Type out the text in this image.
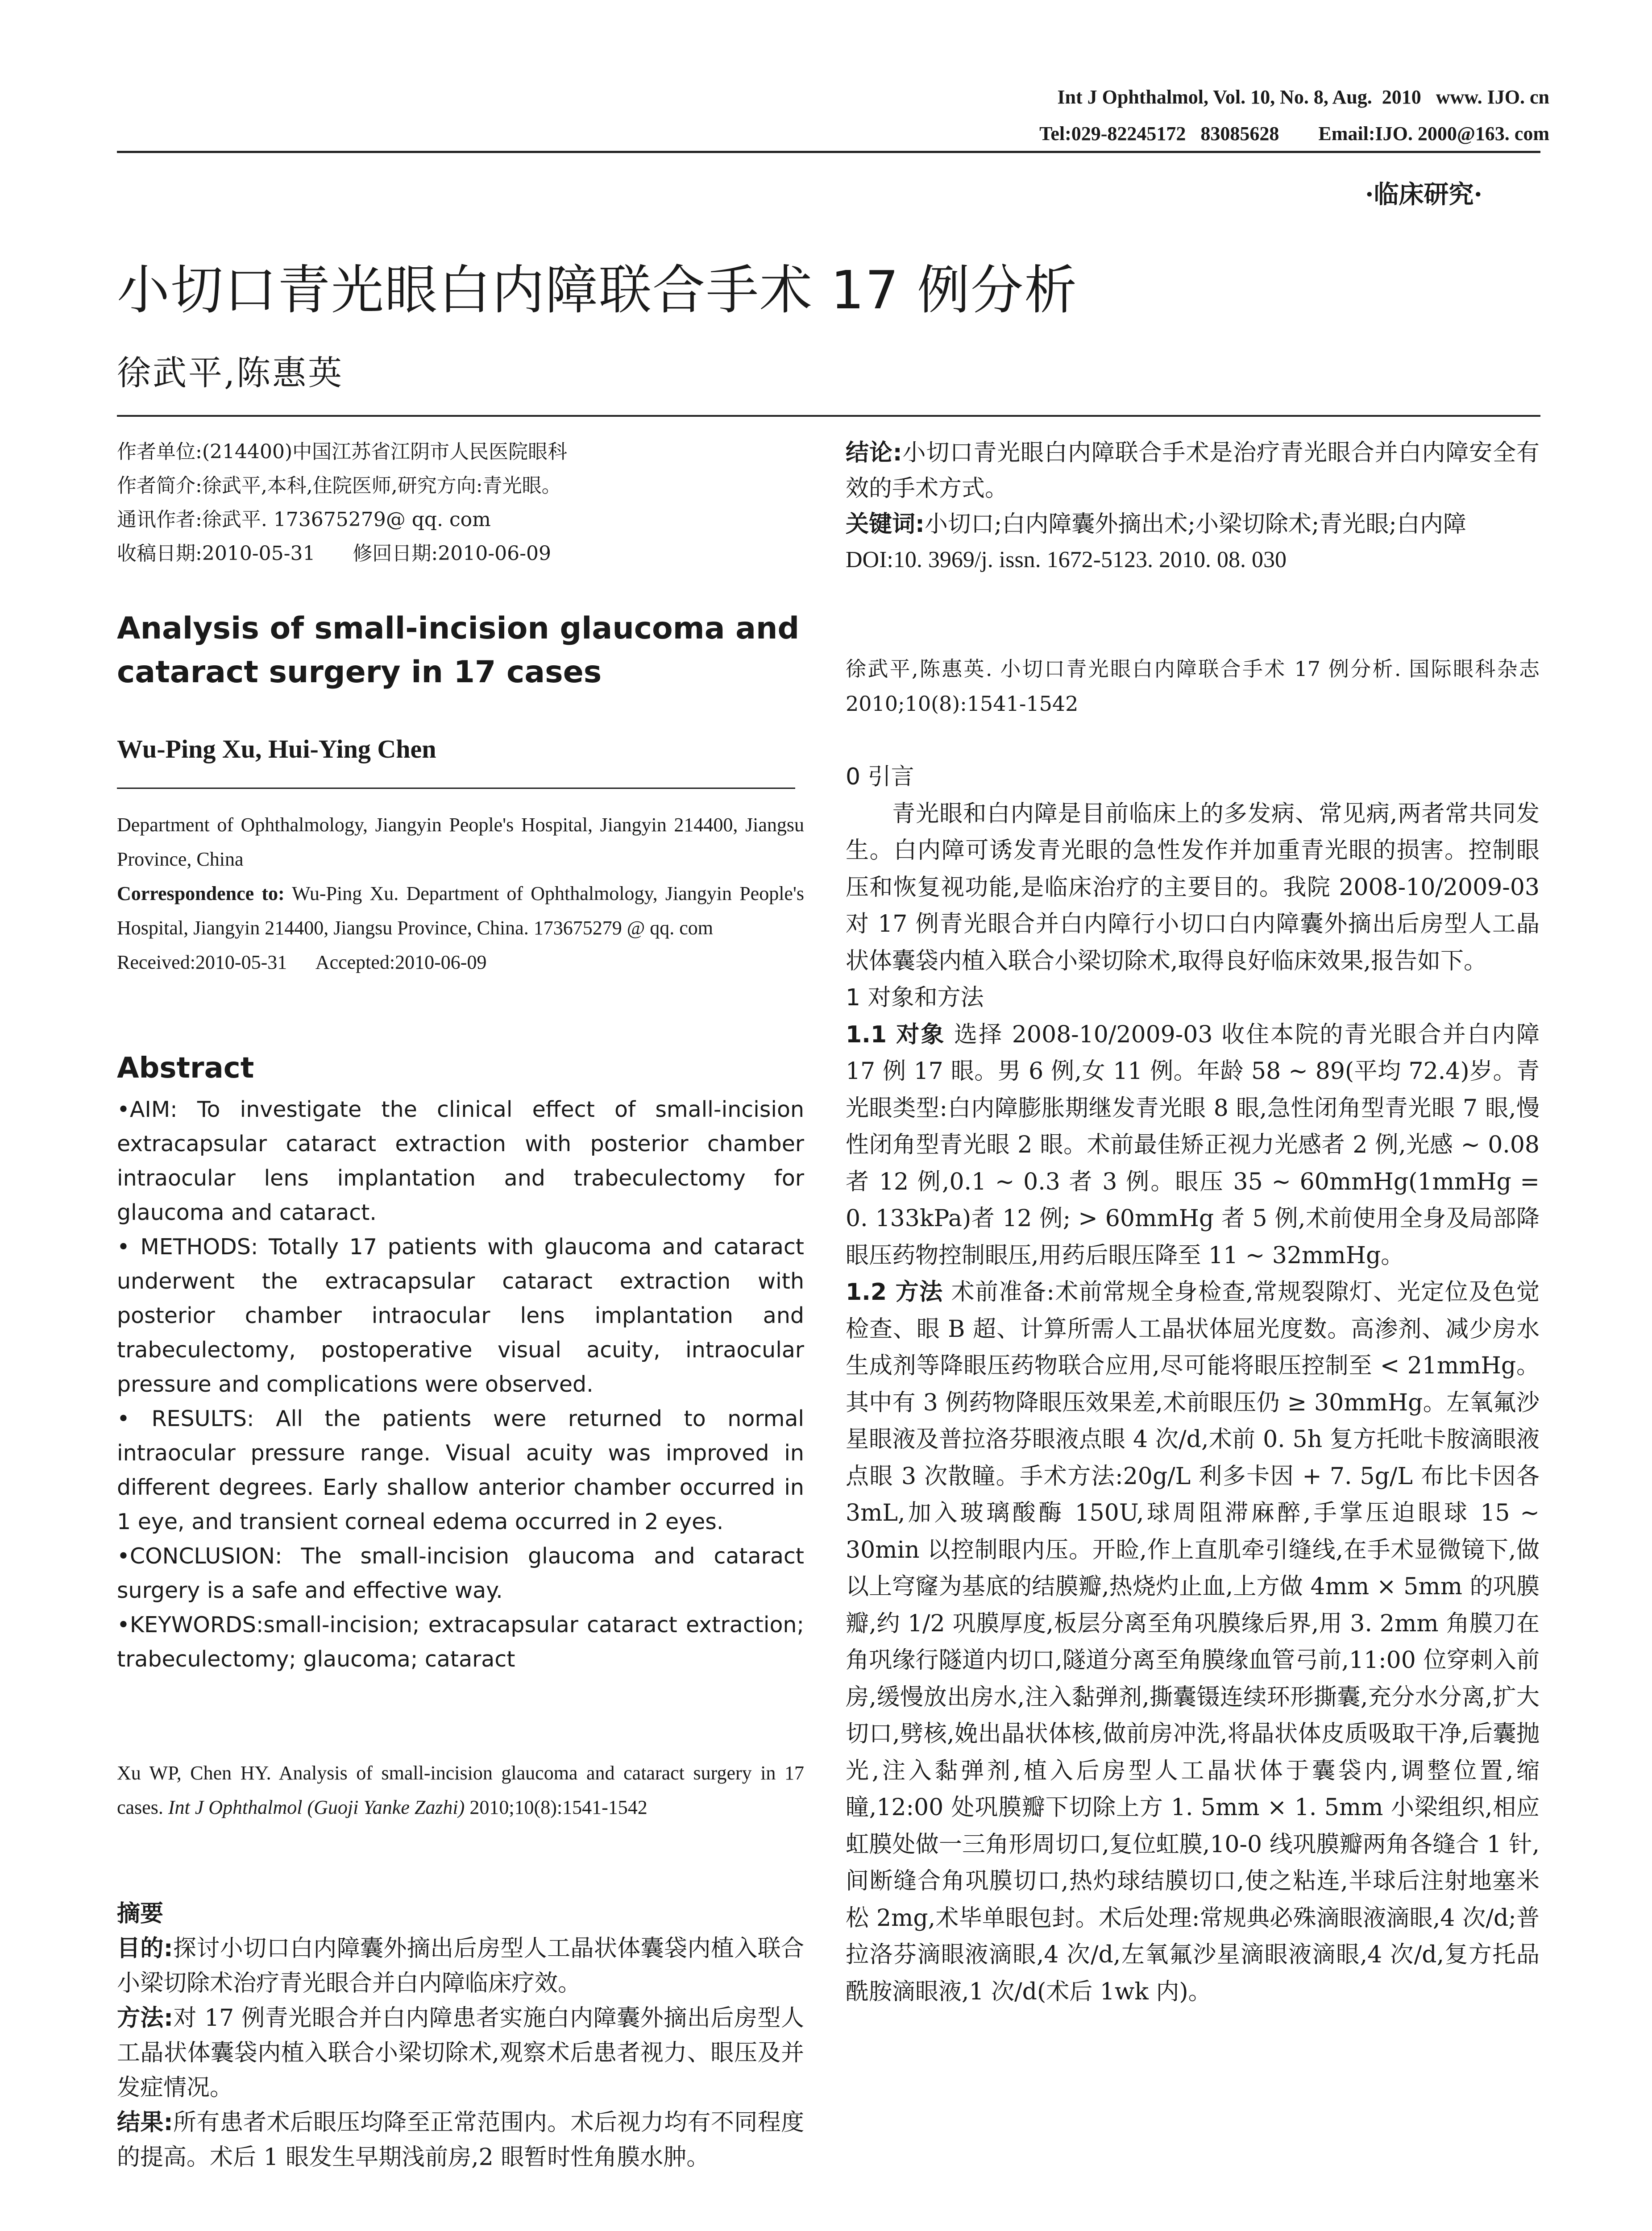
Int J Ophthalmol, Vol. 10, No. 8, Aug.  2010   www. IJO. cn
Tel:029-82245172   83085628        Email:IJO. 2000@163. com
·临床研究·
小切口青光眼白内障联合手术 17 例分析
徐武平,陈惠英

作者单位:(214400)中国江苏省江阴市人民医院眼科

作者简介:徐武平,本科,住院医师,研究方向:青光眼。

通讯作者:徐武平. 173675279@ qq. com

收稿日期:2010-05-31      修回日期:2010-06-09

Analysis of small-incision glaucoma and cataract surgery in 17 cases
Wu-Ping Xu, Hui-Ying Chen

Department of Ophthalmology, Jiangyin People's Hospital, Jiangyin 214400, Jiangsu Province, China

Correspondence to: Wu-Ping Xu. Department of Ophthalmology, Jiangyin People's Hospital, Jiangyin 214400, Jiangsu Province, China. 173675279 @ qq. com

Received:2010-05-31      Accepted:2010-06-09

Abstract

•AIM: To investigate the clinical effect of small-incision extracapsular cataract extraction with posterior chamber intraocular lens implantation and trabeculectomy for glaucoma and cataract.

• METHODS: Totally 17 patients with glaucoma and cataract underwent the extracapsular cataract extraction with posterior chamber intraocular lens implantation and trabeculectomy, postoperative visual acuity, intraocular pressure and complications were observed.

• RESULTS: All the patients were returned to normal intraocular pressure range. Visual acuity was improved in different degrees. Early shallow anterior chamber occurred in 1 eye, and transient corneal edema occurred in 2 eyes.

•CONCLUSION: The small-incision glaucoma and cataract surgery is a safe and effective way.

•KEYWORDS:small-incision; extracapsular cataract extraction; trabeculectomy; glaucoma; cataract

Xu WP, Chen HY. Analysis of small-incision glaucoma and cataract surgery in 17 cases. Int J Ophthalmol (Guoji Yanke Zazhi) 2010;10(8):1541-1542

摘要

目的:探讨小切口白内障囊外摘出后房型人工晶状体囊袋内植入联合小梁切除术治疗青光眼合并白内障临床疗效。

方法:对 17 例青光眼合并白内障患者实施白内障囊外摘出后房型人工晶状体囊袋内植入联合小梁切除术,观察术后患者视力、眼压及并发症情况。

结果:所有患者术后眼压均降至正常范围内。术后视力均有不同程度的提高。术后 1 眼发生早期浅前房,2 眼暂时性角膜水肿。

结论:小切口青光眼白内障联合手术是治疗青光眼合并白内障安全有效的手术方式。

关键词:小切口;白内障囊外摘出术;小梁切除术;青光眼;白内障

DOI:10. 3969/j. issn. 1672-5123. 2010. 08. 030

徐武平,陈惠英. 小切口青光眼白内障联合手术 17 例分析. 国际眼科杂志 2010;10(8):1541-1542

0 引言

青光眼和白内障是目前临床上的多发病、常见病,两者常共同发生。白内障可诱发青光眼的急性发作并加重青光眼的损害。控制眼压和恢复视功能,是临床治疗的主要目的。我院 2008-10/2009-03 对 17 例青光眼合并白内障行小切口白内障囊外摘出后房型人工晶状体囊袋内植入联合小梁切除术,取得良好临床效果,报告如下。

1 对象和方法

1.1 对象 选择 2008-10/2009-03 收住本院的青光眼合并白内障 17 例 17 眼。男 6 例,女 11 例。年龄 58 ~ 89(平均 72.4)岁。青光眼类型:白内障膨胀期继发青光眼 8 眼,急性闭角型青光眼 7 眼,慢性闭角型青光眼 2 眼。术前最佳矫正视力光感者 2 例,光感 ~ 0.08 者 12 例,0.1 ~ 0.3 者 3 例。眼压 35 ~ 60mmHg(1mmHg = 0. 133kPa)者 12 例; > 60mmHg 者 5 例,术前使用全身及局部降眼压药物控制眼压,用药后眼压降至 11 ~ 32mmHg。

1.2 方法 术前准备:术前常规全身检查,常规裂隙灯、光定位及色觉检查、眼 B 超、计算所需人工晶状体屈光度数。高渗剂、减少房水生成剂等降眼压药物联合应用,尽可能将眼压控制至 < 21mmHg。其中有 3 例药物降眼压效果差,术前眼压仍 ≥ 30mmHg。左氧氟沙星眼液及普拉洛芬眼液点眼 4 次/d,术前 0. 5h 复方托吡卡胺滴眼液点眼 3 次散瞳。手术方法:20g/L 利多卡因 + 7. 5g/L 布比卡因各 3mL,加入玻璃酸酶 150U,球周阻滞麻醉,手掌压迫眼球 15 ~ 30min 以控制眼内压。开睑,作上直肌牵引缝线,在手术显微镜下,做以上穹窿为基底的结膜瓣,热烧灼止血,上方做 4mm × 5mm 的巩膜瓣,约 1/2 巩膜厚度,板层分离至角巩膜缘后界,用 3. 2mm 角膜刀在角巩缘行隧道内切口,隧道分离至角膜缘血管弓前,11:00 位穿刺入前房,缓慢放出房水,注入黏弹剂,撕囊镊连续环形撕囊,充分水分离,扩大切口,劈核,娩出晶状体核,做前房冲洗,将晶状体皮质吸取干净,后囊抛光,注入黏弹剂,植入后房型人工晶状体于囊袋内,调整位置,缩瞳,12:00 处巩膜瓣下切除上方 1. 5mm × 1. 5mm 小梁组织,相应虹膜处做一三角形周切口,复位虹膜,10-0 线巩膜瓣两角各缝合 1 针,间断缝合角巩膜切口,热灼球结膜切口,使之粘连,半球后注射地塞米松 2mg,术毕单眼包封。术后处理:常规典必殊滴眼液滴眼,4 次/d;普拉洛芬滴眼液滴眼,4 次/d,左氧氟沙星滴眼液滴眼,4 次/d,复方托品酰胺滴眼液,1 次/d(术后 1wk 内)。
